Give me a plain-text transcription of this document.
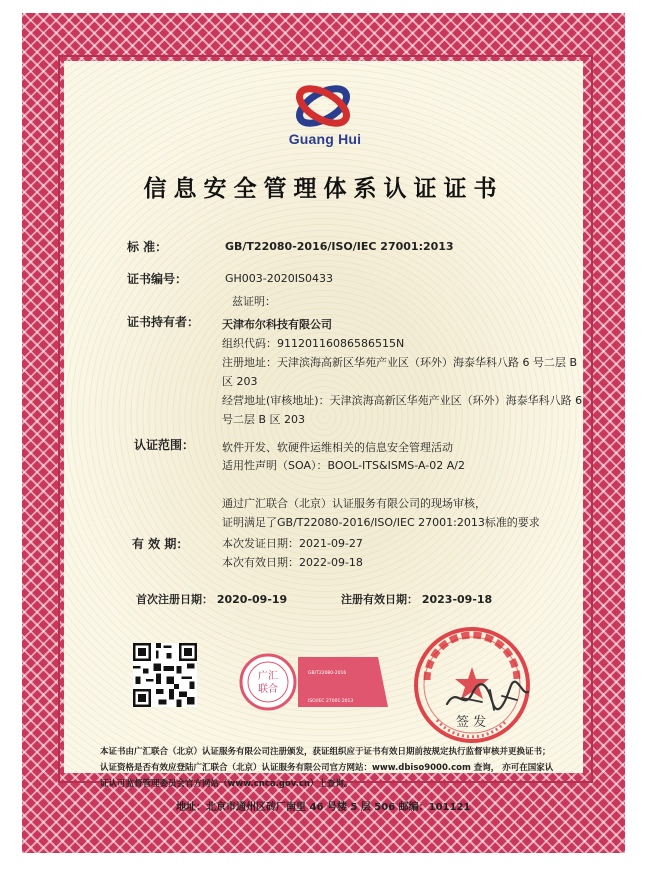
Guang Hui
信息安全管理体系认证证书
标 准：	GB/T22080-2016/ISO/IEC 27001:2013
证书编号：	GH003-2020IS0433
兹证明：
证书持有者： 天津布尔科技有限公司
组织代码：91120116086586515N
注册地址：天津滨海高新区华苑产业区（环外）海泰华科八路 6 号二层 B
区 203
经营地址(审核地址)：天津滨海高新区华苑产业区（环外）海泰华科八路 6
号二层 B 区 203
认证范围：	软件开发、软硬件运维相关的信息安全管理活动
适用性声明（SOA）：BOOL-ITS&ISMS-A-02 A/2
通过广汇联合（北京）认证服务有限公司的现场审核，
证明满足了GB/T22080-2016/ISO/IEC 27001:2013标准的要求
有 效 期：	本次发证日期：2021-09-27
本次有效日期：2022-09-18
首次注册日期： 2020-09-19	注册有效日期： 2023-09-18
广汇
联合
GB/T22080-2016
ISO/IEC 27001:2013
签 发
本证书由广汇联合（北京）认证服务有限公司注册颁发，获证组织应于证书有效日期前按规定执行监督审核并更换证书；
认证资格是否有效应登陆广汇联合（北京）认证服务有限公司官方网站：www.dbiso9000.com 查询， 亦可在国家认
证认可监督管理委员会官方网站（www.cnca.gov.cn）上查询。
地址：北京市通州区砖厂南里 46 号楼 5 层 506 邮编：101121
